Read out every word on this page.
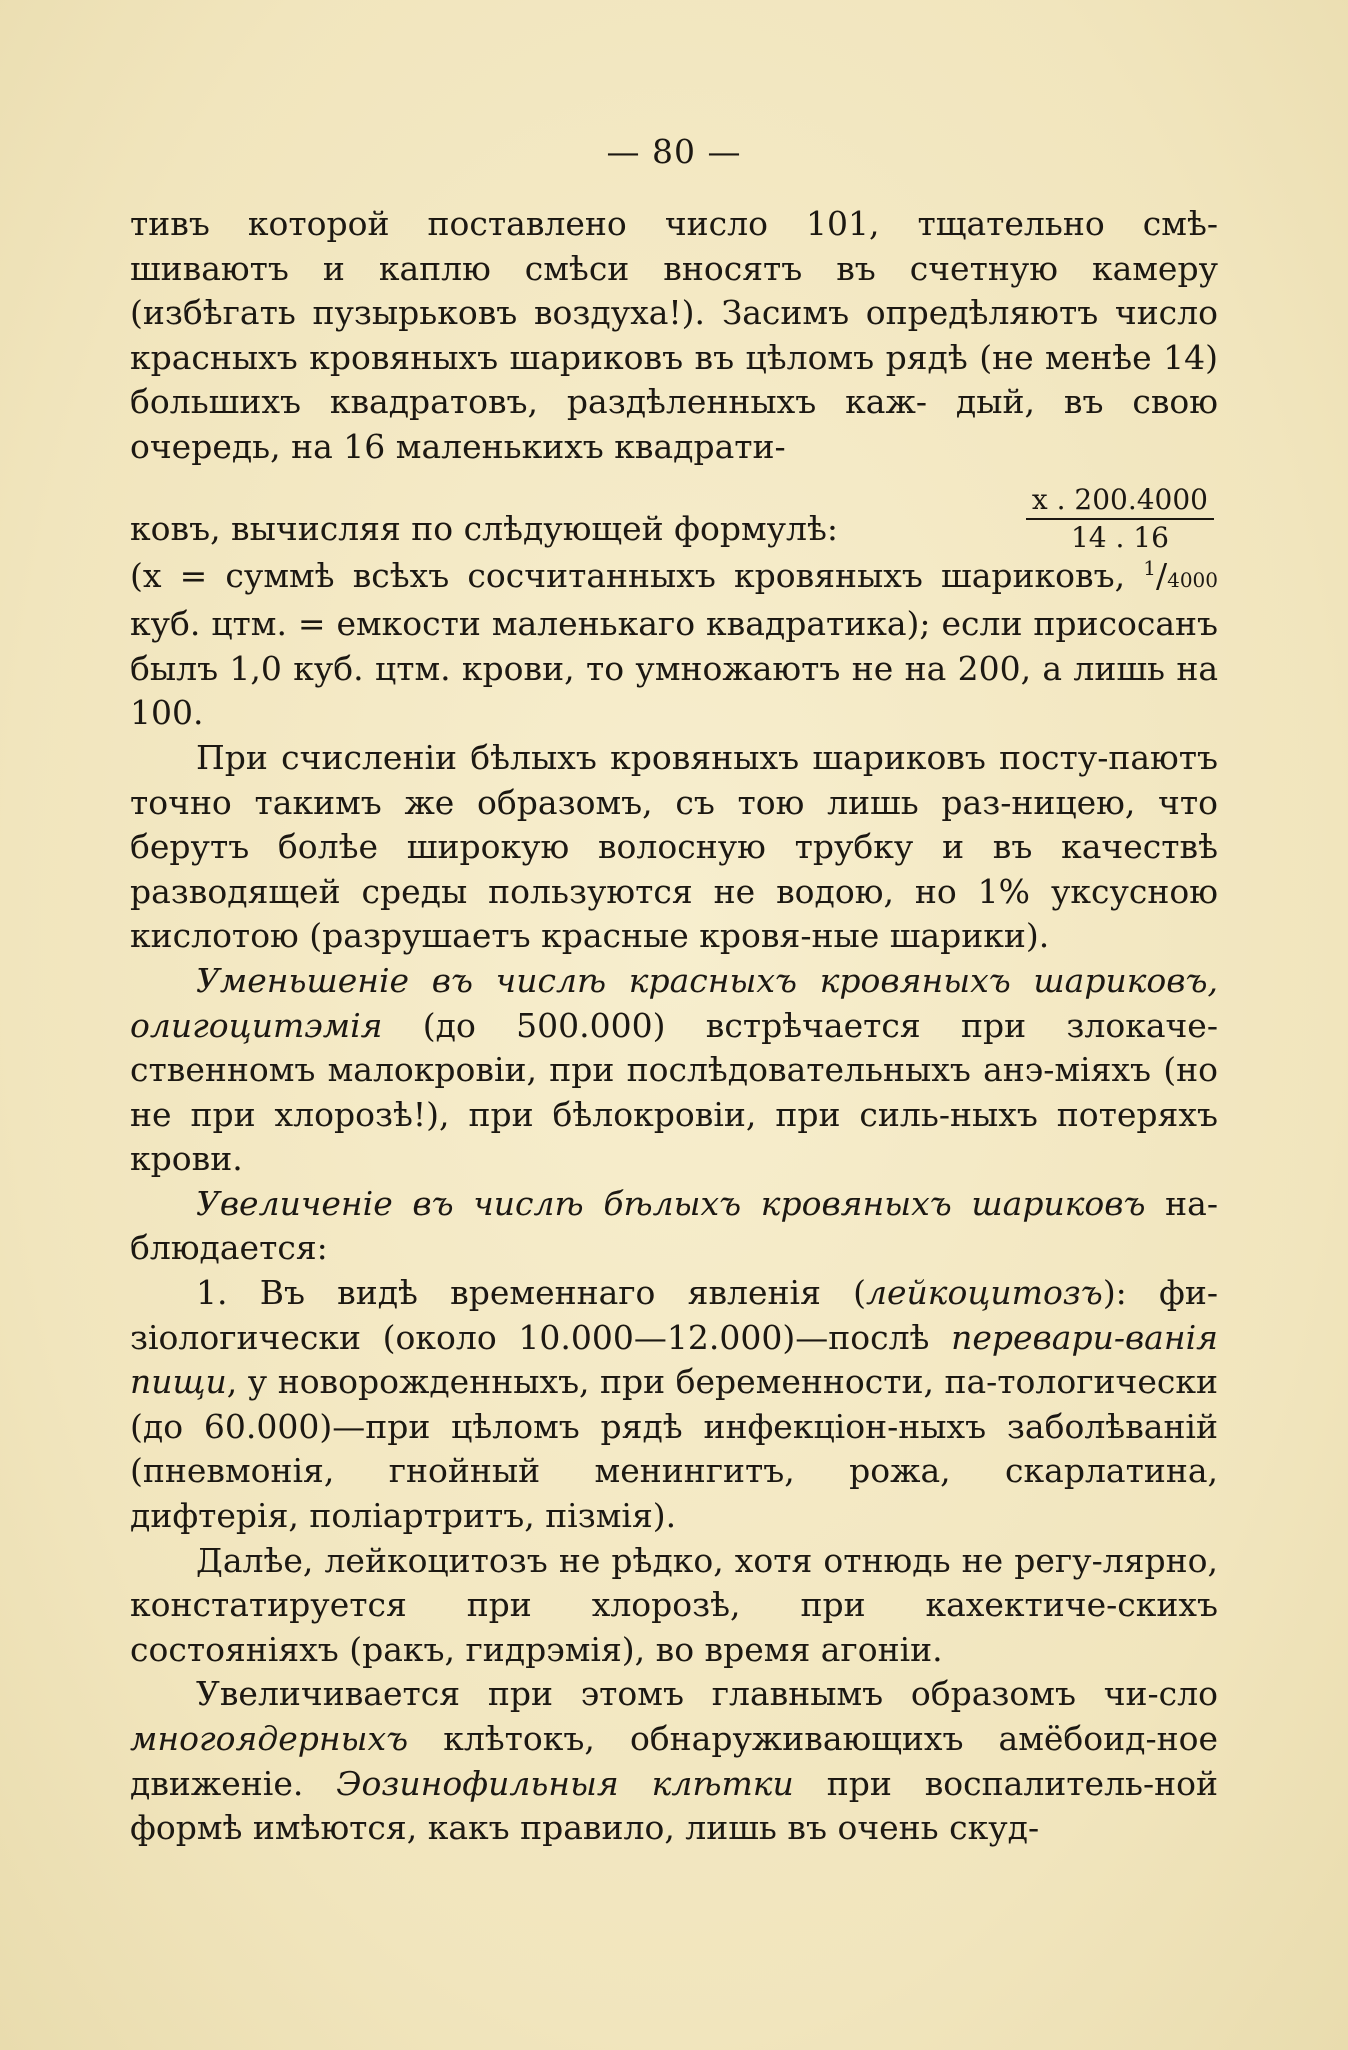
— 80 —

тивъ которой поставлено число 101, тщательно смѣ- шиваютъ и каплю смѣси вносятъ въ счетную камеру (избѣгать пузырьковъ воздуха!). Засимъ опредѣляютъ число красныхъ кровяныхъ шариковъ въ цѣломъ рядѣ (не менѣе 14) большихъ квадратовъ, раздѣленныхъ каж- дый, въ свою очередь, на 16 маленькихъ квадрати-

ковъ, вычисляя по слѣдующей формулѣ:	$\frac{x . 200.4000}{14 . 16}$

(x = суммѣ всѣхъ сосчитанныхъ кровяныхъ шариковъ, $^1$/4000 куб. цтм. = емкости маленькаго квадратика); если присосанъ былъ 1,0 куб. цтм. крови, то умножаютъ не на 200, а лишь на 100.

При счисленіи бѣлыхъ кровяныхъ шариковъ посту-паютъ точно такимъ же образомъ, съ тою лишь раз-ницею, что берутъ болѣе широкую волосную трубку и въ качествѣ разводящей среды пользуются не водою, но 1% уксусною кислотою (разрушаетъ красные кровя-ные шарики).

Уменьшеніе въ числѣ красныхъ кровяныхъ шариковъ, олигоцитэмія (до 500.000) встрѣчается при злокаче-ственномъ малокровіи, при послѣдовательныхъ анэ-міяхъ (но не при хлорозѣ!), при бѣлокровіи, при силь-ныхъ потеряхъ крови.

Увеличеніе въ числѣ бѣлыхъ кровяныхъ шариковъ на-блюдается:

1. Въ видѣ временнаго явленія (лейкоцитозъ): фи-зіологически (около 10.000—12.000)—послѣ перевари-ванія пищи, у новорожденныхъ, при беременности, па-тологически (до 60.000)—при цѣломъ рядѣ инфекціон-ныхъ заболѣваній (пневмонія, гнойный менингитъ, рожа, скарлатина, дифтерія, поліартритъ, пізмія).

Далѣе, лейкоцитозъ не рѣдко, хотя отнюдь не регу-лярно, констатируется при хлорозѣ, при кахектиче-скихъ состояніяхъ (ракъ, гидрэмія), во время агоніи.

Увеличивается при этомъ главнымъ образомъ чи-сло многоядерныхъ клѣтокъ, обнаруживающихъ амёбоид-ное движеніе. Эозинофильныя клѣтки при воспалитель-ной формѣ имѣются, какъ правило, лишь въ очень скуд-
